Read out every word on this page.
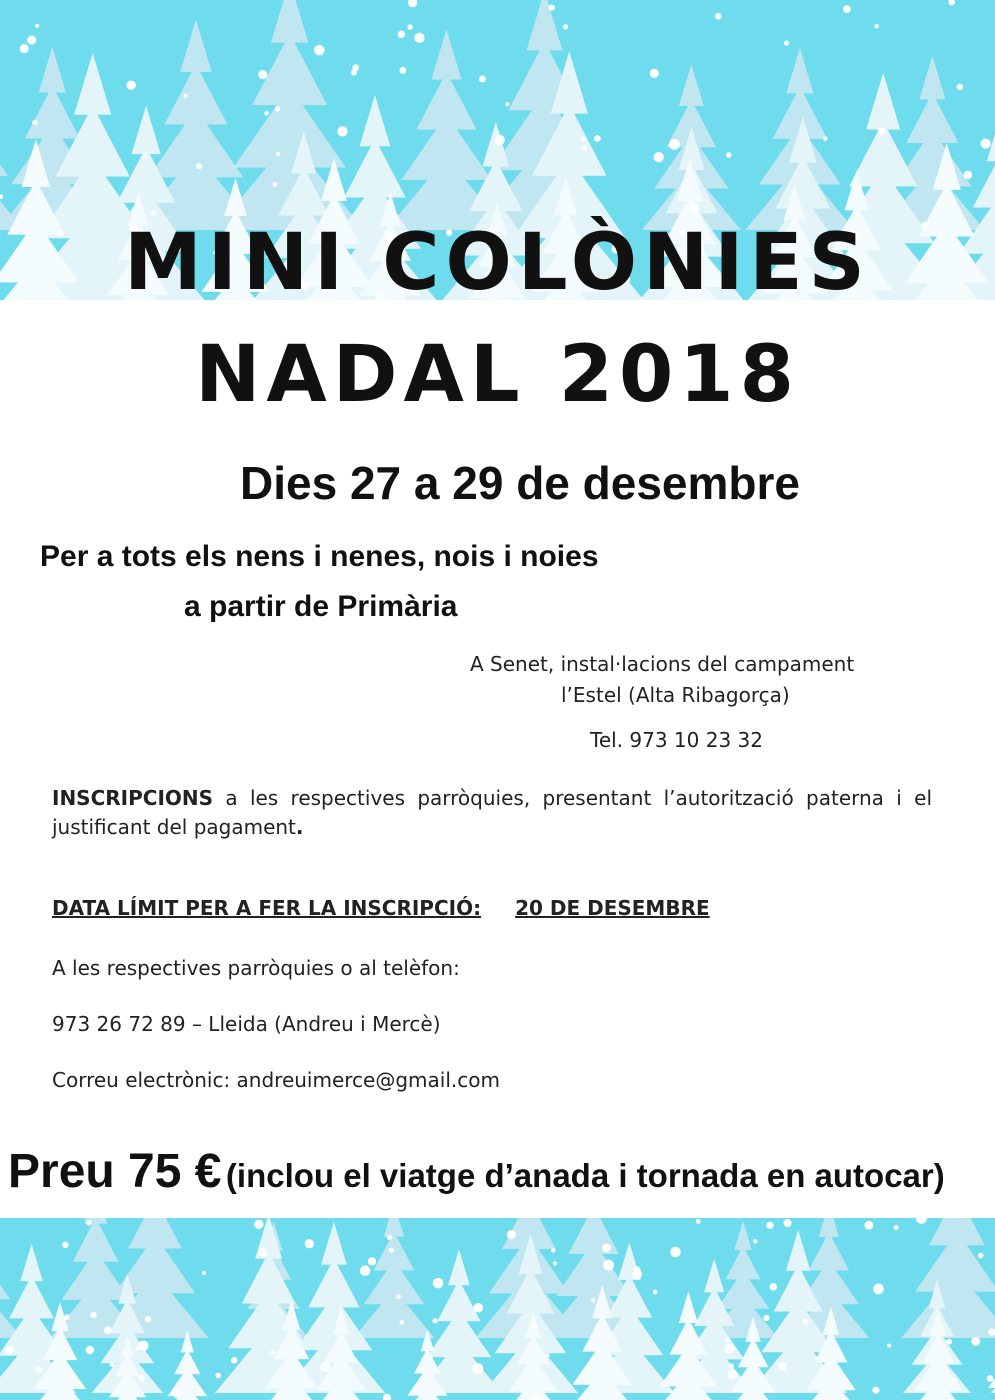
MINI COLÒNIES
NADAL 2018
Dies 27 a 29 de desembre
Per a tots els nens i nenes, nois i noies
a partir de Primària
A Senet, instal·lacions del campament
l’Estel (Alta Ribagorça)
Tel. 973 10 23 32
INSCRIPCIONS a les respectives parròquies, presentant l’autorització paterna i el justificant del pagament.
DATA LÍMIT PER A FER LA INSCRIPCIÓ: 20 DE DESEMBRE
A les respectives parròquies o al telèfon:
973 26 72 89 – Lleida (Andreu i Mercè)
Correu electrònic: andreuimerce@gmail.com
Preu 75 € (inclou el viatge d’anada i tornada en autocar)
